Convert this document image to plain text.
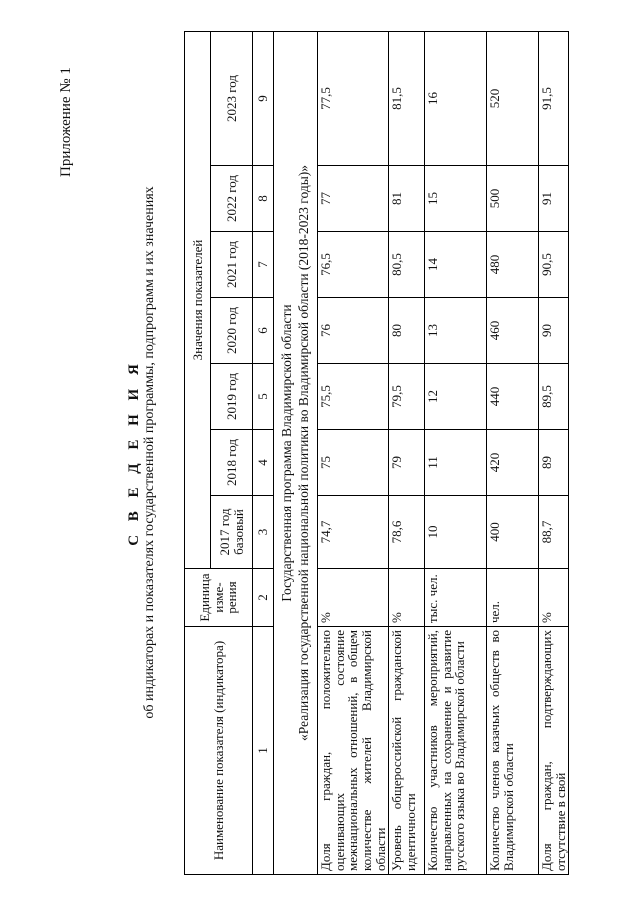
Приложение № 1
С В Е Д Е Н И Я об индикаторах и показателях государственной программы, подпрограмм и их значениях
Наименование показателя (индикатора)	Единица изме-рения	Значения показателей						
		2017 год базовый	2018 год	2019 год	2020 год	2021 год	2022 год	2023 год
1	2	3	4	5	6	7	8	9

Государственная программа Владимирской области «Реализация государственной национальной политики во Владимирской области (2018-2023 годы)»								

Доля граждан, положительно оценивающих состояние межнациональных отношений, в общем количестве жителей Владимирской области	%	74,7	75	75,5	76	76,5	77	77,5
Уровень общероссийской гражданской идентичности	%	78,6	79	79,5	80	80,5	81	81,5
Количество участников мероприятий, направленных на сохранение и развитие русского языка во Владимирской области	тыс. чел.	10	11	12	13	14	15	16
Количество членов казачьих обществ во Владимирской области	чел.	400	420	440	460	480	500	520
Доля граждан, подтверждающих отсутствие в свой	%	88,7	89	89,5	90	90,5	91	91,5
